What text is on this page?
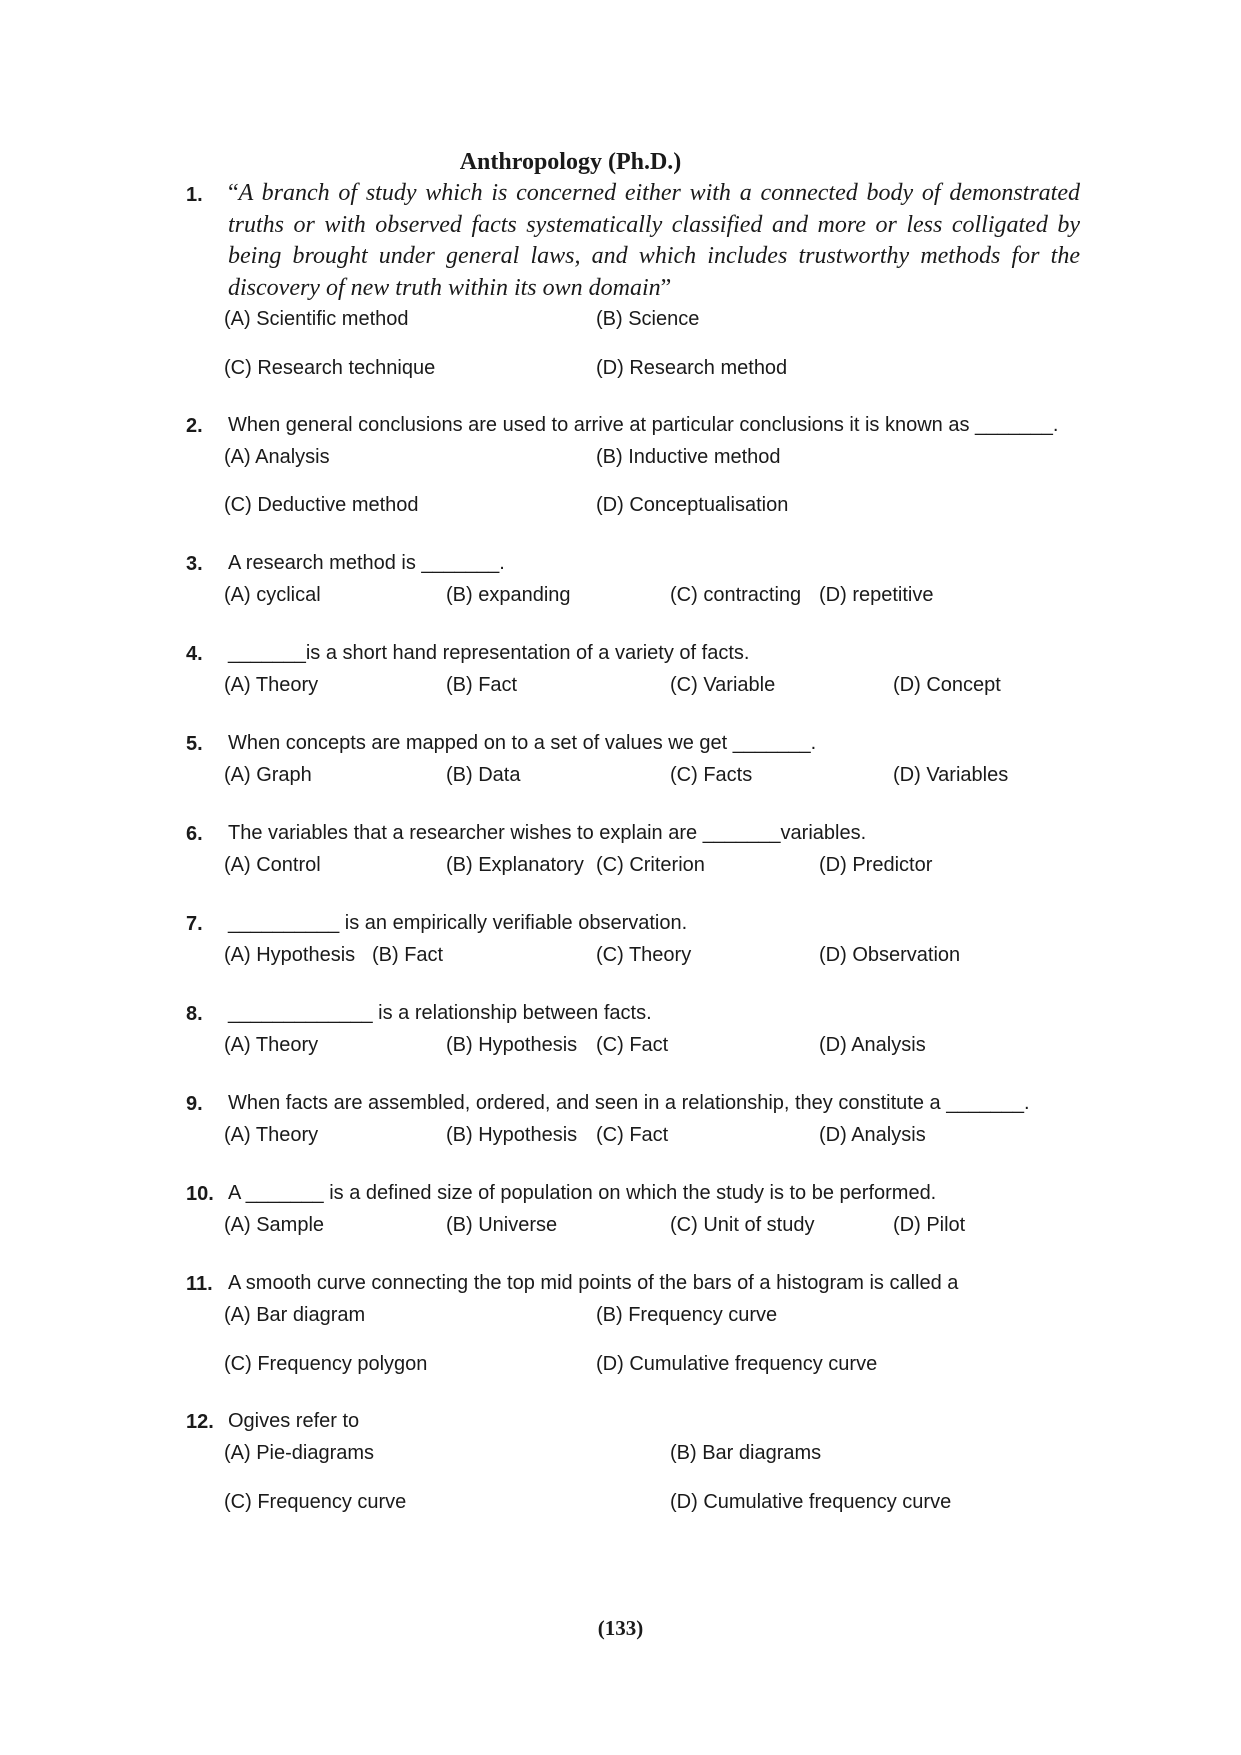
Anthropology (Ph.D.)
1. “A branch of study which is concerned either with a connected body of demonstrated truths or with observed facts systematically classified and more or less colligated by being brought under general laws, and which includes trustworthy methods for the discovery of new truth within its own domain”
(A) Scientific method	(B) Science
(C) Research technique	(D) Research method
2. When general conclusions are used to arrive at particular conclusions it is known as _______.
(A) Analysis	(B) Inductive method
(C) Deductive method	(D) Conceptualisation
3. A research method is _______.
(A) cyclical	(B) expanding	(C) contracting (D) repetitive
4. _______is a short hand representation of a variety of facts.
(A) Theory	(B) Fact	(C) Variable	(D) Concept
5. When concepts are mapped on to a set of values we get _______.
(A) Graph	(B) Data	(C) Facts	(D) Variables
6. The variables that a researcher wishes to explain are _______variables.
(A) Control	(B) Explanatory (C) Criterion	(D) Predictor
7. __________ is an empirically verifiable observation.
(A) Hypothesis (B) Fact	(C) Theory	(D) Observation
8. _____________ is a relationship between facts.
(A) Theory	(B) Hypothesis (C) Fact	(D) Analysis
9. When facts are assembled, ordered, and seen in a relationship, they constitute a _______.
(A) Theory	(B) Hypothesis (C) Fact	(D) Analysis
10. A _______ is a defined size of population on which the study is to be performed.
(A) Sample	(B) Universe	(C) Unit of study	(D) Pilot
11. A smooth curve connecting the top mid points of the bars of a histogram is called a
(A) Bar diagram	(B) Frequency curve
(C) Frequency polygon	(D) Cumulative frequency curve
12. Ogives refer to
(A) Pie-diagrams	(B) Bar diagrams
(C) Frequency curve	(D) Cumulative frequency curve
(133)
